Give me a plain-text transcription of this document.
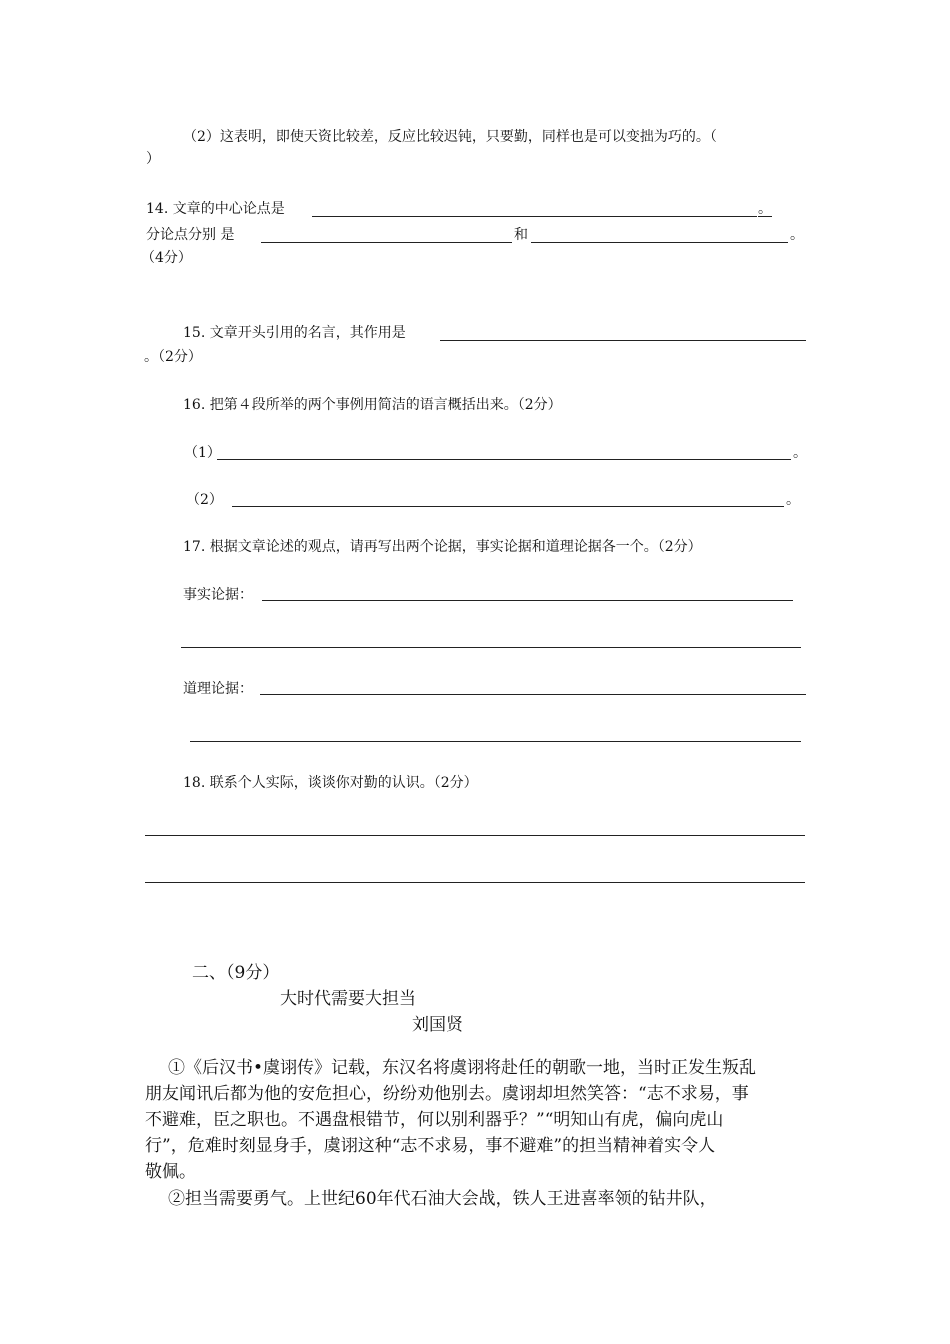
（2）这表明，即使天资比较差，反应比较迟钝，只要勤，同样也是可以变拙为巧的。（
）
14. 文章的中心论点是	。
分论点分别 是	和	。
（4分）
15. 文章开头引用的名言，其作用是
。（2分）
16. 把第４段所举的两个事例用简洁的语言概括出来。（2分）
（1）	。
（2）	。
17. 根据文章论述的观点，请再写出两个论据，事实论据和道理论据各一个。（2分）
事实论据：
道理论据：
18. 联系个人实际，谈谈你对勤的认识。（2分）
二、（9分）
大时代需要大担当
刘国贤
①《后汉书•虞诩传》记载，东汉名将虞诩将赴任的朝歌一地，当时正发生叛乱
朋友闻讯后都为他的安危担心，纷纷劝他别去。虞诩却坦然笑答：“志不求易，事
不避难，臣之职也。不遇盘根错节，何以别利器乎？”“明知山有虎，偏向虎山
行”，危难时刻显身手，虞诩这种“志不求易，事不避难”的担当精神着实令人
敬佩。
②担当需要勇气。上世纪60年代石油大会战，铁人王进喜率领的钻井队，
